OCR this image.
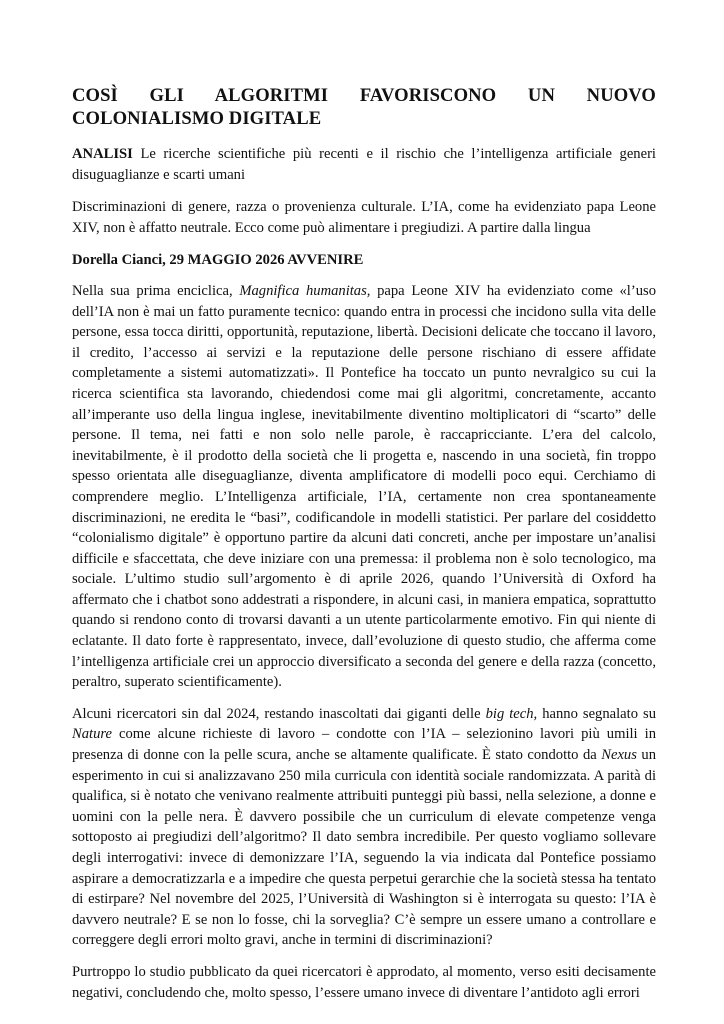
COSÌ GLI ALGORITMI FAVORISCONO UN NUOVO COLONIALISMO DIGITALE

ANALISI Le ricerche scientifiche più recenti e il rischio che l’intelligenza artificiale generi disuguaglianze e scarti umani

Discriminazioni di genere, razza o provenienza culturale. L’IA, come ha evidenziato papa Leone XIV, non è affatto neutrale. Ecco come può alimentare i pregiudizi. A partire dalla lingua

Dorella Cianci, 29 MAGGIO 2026 AVVENIRE

Nella sua prima enciclica, Magnifica humanitas, papa Leone XIV ha evidenziato come «l’uso dell’IA non è mai un fatto puramente tecnico: quando entra in processi che incidono sulla vita delle persone, essa tocca diritti, opportunità, reputazione, libertà. Decisioni delicate che toccano il lavoro, il credito, l’accesso ai servizi e la reputazione delle persone rischiano di essere affidate completamente a sistemi automatizzati». Il Pontefice ha toccato un punto nevralgico su cui la ricerca scientifica sta lavorando, chiedendosi come mai gli algoritmi, concretamente, accanto all’imperante uso della lingua inglese, inevitabilmente diventino moltiplicatori di “scarto” delle persone. Il tema, nei fatti e non solo nelle parole, è raccapricciante. L’era del calcolo, inevitabilmente, è il prodotto della società che li progetta e, nascendo in una società, fin troppo spesso orientata alle diseguaglianze, diventa amplificatore di modelli poco equi. Cerchiamo di comprendere meglio. L’Intelligenza artificiale, l’IA, certamente non crea spontaneamente discriminazioni, ne eredita le “basi”, codificandole in modelli statistici. Per parlare del cosiddetto “colonialismo digitale” è opportuno partire da alcuni dati concreti, anche per impostare un’analisi difficile e sfaccettata, che deve iniziare con una premessa: il problema non è solo tecnologico, ma sociale. L’ultimo studio sull’argomento è di aprile 2026, quando l’Università di Oxford ha affermato che i chatbot sono addestrati a rispondere, in alcuni casi, in maniera empatica, soprattutto quando si rendono conto di trovarsi davanti a un utente particolarmente emotivo. Fin qui niente di eclatante. Il dato forte è rappresentato, invece, dall’evoluzione di questo studio, che afferma come l’intelligenza artificiale crei un approccio diversificato a seconda del genere e della razza (concetto, peraltro, superato scientificamente).

Alcuni ricercatori sin dal 2024, restando inascoltati dai giganti delle big tech, hanno segnalato su Nature come alcune richieste di lavoro – condotte con l’IA – selezionino lavori più umili in presenza di donne con la pelle scura, anche se altamente qualificate. È stato condotto da Nexus un esperimento in cui si analizzavano 250 mila curricula con identità sociale randomizzata. A parità di qualifica, si è notato che venivano realmente attribuiti punteggi più bassi, nella selezione, a donne e uomini con la pelle nera. È davvero possibile che un curriculum di elevate competenze venga sottoposto ai pregiudizi dell’algoritmo? Il dato sembra incredibile. Per questo vogliamo sollevare degli interrogativi: invece di demonizzare l’IA, seguendo la via indicata dal Pontefice possiamo aspirare a democratizzarla e a impedire che questa perpetui gerarchie che la società stessa ha tentato di estirpare? Nel novembre del 2025, l’Università di Washington si è interrogata su questo: l’IA è davvero neutrale? E se non lo fosse, chi la sorveglia? C’è sempre un essere umano a controllare e correggere degli errori molto gravi, anche in termini di discriminazioni?

Purtroppo lo studio pubblicato da quei ricercatori è approdato, al momento, verso esiti decisamente negativi, concludendo che, molto spesso, l’essere umano invece di diventare l’antidoto agli errori
